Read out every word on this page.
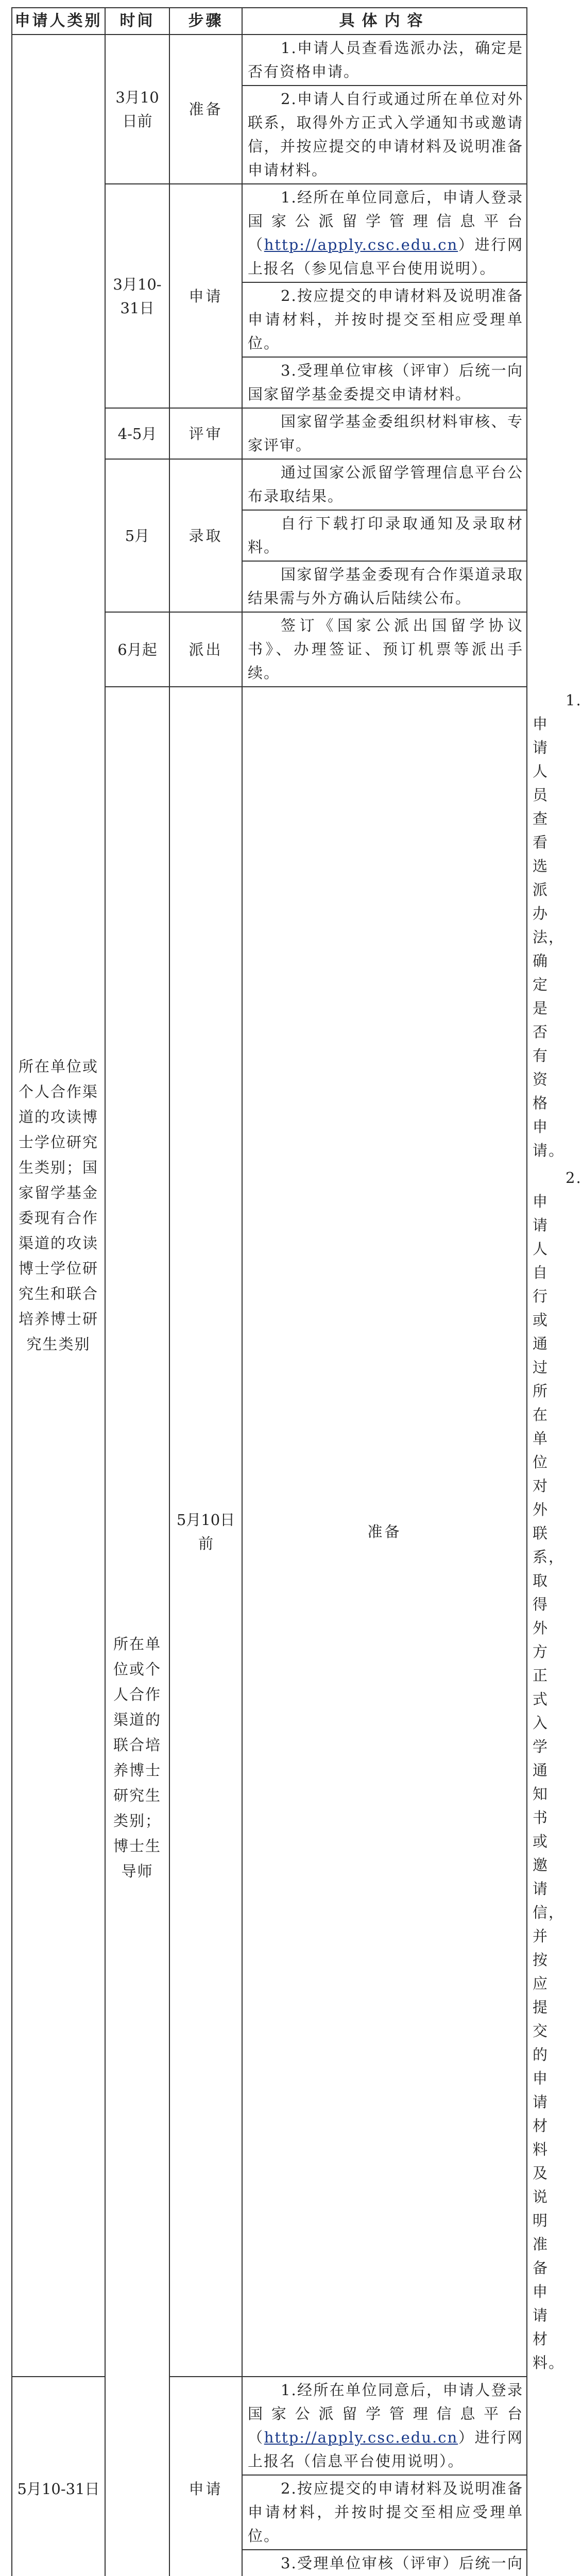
申请人类别	时间	步骤	具体内容	
所在单位或个人合作渠道的攻读博士学位研究生类别；国家留学基金委现有合作渠道的攻读博士学位研究生和联合培养博士研究生类别	3月10日前	准备	1.申请人员查看选派办法，确定是否有资格申请。	
			2.申请人自行或通过所在单位对外联系，取得外方正式入学通知书或邀请信，并按应提交的申请材料及说明准备申请材料。	
	3月10-31日	申请	1.经所在单位同意后，申请人登录国家公派留学管理信息平台（http://apply.csc.edu.cn）进行网上报名（参见信息平台使用说明）。	
			2.按应提交的申请材料及说明准备申请材料，并按时提交至相应受理单位。	
			3.受理单位审核（评审）后统一向国家留学基金委提交申请材料。	
	4-5月	评审	国家留学基金委组织材料审核、专家评审。	
	5月	录取	通过国家公派留学管理信息平台公布录取结果。	
			自行下载打印录取通知及录取材料。	
			国家留学基金委现有合作渠道录取结果需与外方确认后陆续公布。	
	6月起	派出	签订《国家公派出国留学协议书》、办理签证、预订机票等派出手续。	
	所在单位或个人合作渠道的联合培养博士研究生类别；博士生导师	5月10日前	准备	1.申请人员查看选派办法，确定是否有资格申请。
				2.申请人自行或通过所在单位对外联系，取得外方正式入学通知书或邀请信，并按应提交的申请材料及说明准备申请材料。
5月10-31日		申请	1.经所在单位同意后，申请人登录国家公派留学管理信息平台（http://apply.csc.edu.cn）进行网上报名（信息平台使用说明）。	
			2.按应提交的申请材料及说明准备申请材料，并按时提交至相应受理单位。	
			3.受理单位审核（评审）后统一向	
